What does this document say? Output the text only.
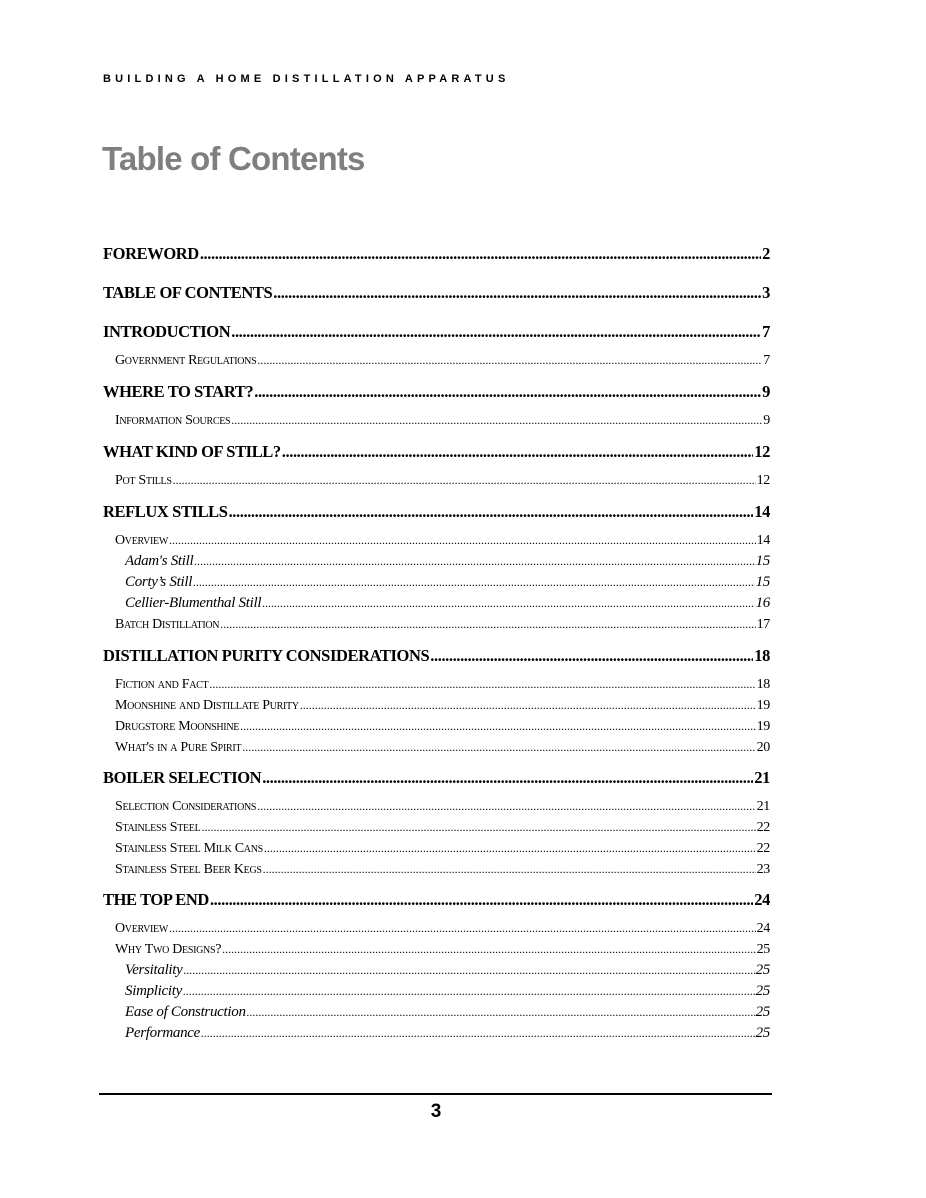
BUILDING A HOME DISTILLATION APPARATUS
Table of Contents
FOREWORD .....	2
TABLE OF CONTENTS .....	3
INTRODUCTION .....	7
Government Regulations .....	7
WHERE TO START? .....	9
Information Sources .....	9
WHAT KIND OF STILL? .....	12
Pot Stills .....	12
REFLUX STILLS .....	14
Overview .....	14
Adam's Still .....	15
Corty’s Still .....	15
Cellier-Blumenthal Still .....	16
Batch Distillation .....	17
DISTILLATION PURITY CONSIDERATIONS .....	18
Fiction and Fact .....	18
Moonshine and Distillate Purity .....	19
Drugstore Moonshine .....	19
What's in a Pure Spirit .....	20
BOILER SELECTION .....	21
Selection Considerations .....	21
Stainless Steel .....	22
Stainless Steel Milk Cans .....	22
Stainless Steel Beer Kegs .....	23
THE TOP END .....	24
Overview .....	24
Why Two Designs? .....	25
Versitality .....	25
Simplicity .....	25
Ease of Construction .....	25
Performance .....	25
3
